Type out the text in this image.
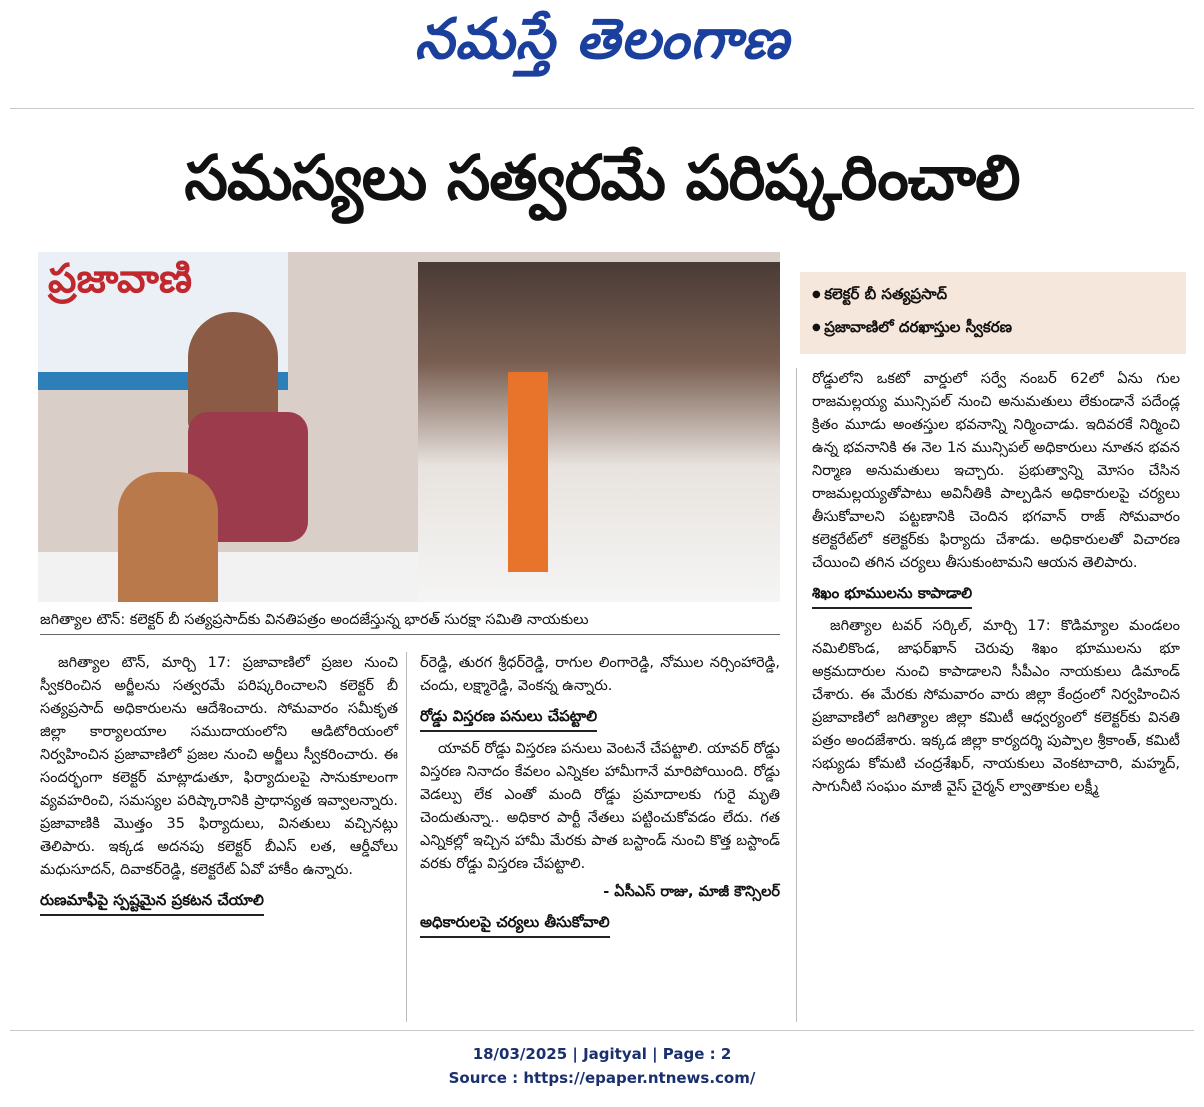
నమస్తే తెలంగాణ
సమస్యలు సత్వరమే పరిష్కరించాలి
ప్రజావాణి
జగిత్యాల టౌన్: కలెక్టర్ బీ సత్యప్రసాద్‌కు వినతిపత్రం అందజేస్తున్న భారత్ సురక్షా సమితి నాయకులు
● కలెక్టర్ బీ సత్యప్రసాద్
● ప్రజావాణిలో దరఖాస్తుల స్వీకరణ

జగిత్యాల టౌన్, మార్చి 17: ప్రజావాణిలో ప్రజల నుంచి స్వీకరించిన అర్జీలను సత్వరమే పరిష్కరించాలని కలెక్టర్ బీ సత్యప్రసాద్ అధికారులను ఆదేశించారు. సోమవారం సమీకృత జిల్లా కార్యాలయాల సముదాయంలోని ఆడిటోరియంలో నిర్వహించిన ప్రజావాణిలో ప్రజల నుంచి అర్జీలు స్వీకరించారు. ఈ సందర్భంగా కలెక్టర్ మాట్లాడుతూ, ఫిర్యాదులపై సానుకూలంగా వ్యవహరించి, సమస్యల పరిష్కారానికి ప్రాధాన్యత ఇవ్వాలన్నారు. ప్రజావాణికి మొత్తం 35 ఫిర్యాదులు, వినతులు వచ్చినట్లు తెలిపారు. ఇక్కడ అదనపు కలెక్టర్ బీఎస్ లత, ఆర్డీవోలు మధుసూదన్, దివాకర్‌రెడ్డి, కలెక్టరేట్ ఏవో హాకీం ఉన్నారు.

రుణమాఫీపై స్పష్టమైన ప్రకటన చేయాలి

ర్‌రెడ్డి, తురగ శ్రీధర్‌రెడ్డి, రాగుల లింగారెడ్డి, నోముల నర్సింహారెడ్డి, చందు, లక్ష్మారెడ్డి, వెంకన్న ఉన్నారు.

రోడ్డు విస్తరణ పనులు చేపట్టాలి

యావర్ రోడ్డు విస్తరణ పనులు వెంటనే చేపట్టాలి. యావర్ రోడ్డు విస్తరణ నినాదం కేవలం ఎన్నికల హామీగానే మారిపోయింది. రోడ్డు వెడల్పు లేక ఎంతో మంది రోడ్డు ప్రమాదాలకు గురై మృతి చెందుతున్నా.. అధికార పార్టీ నేతలు పట్టించుకోవడం లేదు. గత ఎన్నికల్లో ఇచ్చిన హామీ మేరకు పాత బస్టాండ్ నుంచి కొత్త బస్టాండ్ వరకు రోడ్డు విస్తరణ చేపట్టాలి.

- ఏసీఎస్ రాజు, మాజీ కౌన్సిలర్
అధికారులపై చర్యలు తీసుకోవాలి

రోడ్డులోని ఒకటో వార్డులో సర్వే నంబర్ 62లో ఏను గుల రాజమల్లయ్య మున్సిపల్ నుంచి అనుమతులు లేకుండానే పదేండ్ల క్రితం మూడు అంతస్తుల భవనాన్ని నిర్మించాడు. ఇదివరకే నిర్మించి ఉన్న భవనానికి ఈ నెల 1న మున్సిపల్ అధికారులు నూతన భవన నిర్మాణ అనుమతులు ఇచ్చారు. ప్రభుత్వాన్ని మోసం చేసిన రాజమల్లయ్యతోపాటు అవినీతికి పాల్పడిన అధికారులపై చర్యలు తీసుకోవాలని పట్టణానికి చెందిన భగవాన్ రాజ్ సోమవారం కలెక్టరేట్‌లో కలెక్టర్‌కు ఫిర్యాదు చేశాడు. అధికారులతో విచారణ చేయించి తగిన చర్యలు తీసుకుంటామని ఆయన తెలిపారు.

శిఖం భూములను కాపాడాలి

జగిత్యాల టవర్ సర్కిల్, మార్చి 17: కొడిమ్యాల మండలం నమిలికొండ, జాఫర్‌ఖాన్ చెరువు శిఖం భూములను భూ అక్రమదారుల నుంచి కాపాడాలని సీపీఎం నాయకులు డిమాండ్ చేశారు. ఈ మేరకు సోమవారం వారు జిల్లా కేంద్రంలో నిర్వహించిన ప్రజావాణిలో జగిత్యాల జిల్లా కమిటీ ఆధ్వర్యంలో కలెక్టర్‌కు వినతి పత్రం అందజేశారు. ఇక్కడ జిల్లా కార్యదర్శి పుప్పాల శ్రీకాంత్, కమిటీ సభ్యుడు కోమటి చంద్రశేఖర్, నాయకులు వెంకటాచారి, మహ్మద్, సాగునీటి సంఘం మాజీ వైస్ చైర్మన్ ల్వాతాకుల లక్ష్మీ

18/03/2025 | Jagityal | Page : 2
Source : https://epaper.ntnews.com/
